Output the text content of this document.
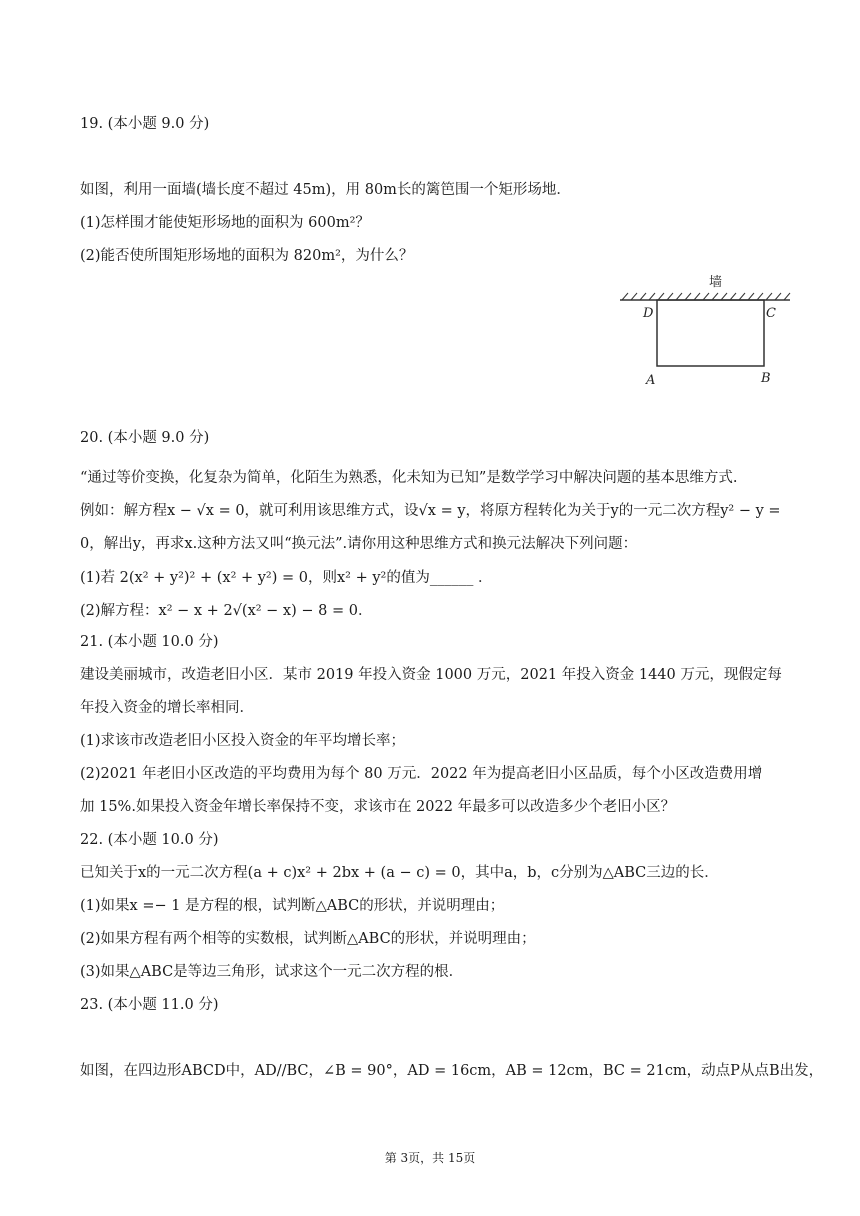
19. (本小题 9.0 分)
如图，利用一面墙(墙长度不超过 45m)，用 80m长的篱笆围一个矩形场地．
(1)怎样围才能使矩形场地的面积为 600m²？
(2)能否使所围矩形场地的面积为 820m²，为什么？
墙
D	C
A	B
20. (本小题 9.0 分)
“通过等价变换，化复杂为简单，化陌生为熟悉，化未知为已知”是数学学习中解决问题的基本思维方式.
例如：解方程x − √x = 0，就可利用该思维方式，设√x = y，将原方程转化为关于y的一元二次方程y² − y =
0，解出y，再求x.这种方法又叫“换元法”.请你用这种思维方式和换元法解决下列问题：
(1)若 2(x² + y²)² + (x² + y²) = 0，则x² + y²的值为______ ．
(2)解方程：x² − x + 2√(x² − x) − 8 = 0．
21. (本小题 10.0 分)
建设美丽城市，改造老旧小区．某市 2019 年投入资金 1000 万元，2021 年投入资金 1440 万元，现假定每
年投入资金的增长率相同．
(1)求该市改造老旧小区投入资金的年平均增长率；
(2)2021 年老旧小区改造的平均费用为每个 80 万元．2022 年为提高老旧小区品质，每个小区改造费用增
加 15%.如果投入资金年增长率保持不变，求该市在 2022 年最多可以改造多少个老旧小区？
22. (本小题 10.0 分)
已知关于x的一元二次方程(a + c)x² + 2bx + (a − c) = 0，其中a，b，c分别为△ABC三边的长．
(1)如果x =− 1 是方程的根，试判断△ABC的形状，并说明理由；
(2)如果方程有两个相等的实数根，试判断△ABC的形状，并说明理由；
(3)如果△ABC是等边三角形，试求这个一元二次方程的根．
23. (本小题 11.0 分)
如图，在四边形ABCD中，AD//BC，∠B = 90°，AD = 16cm，AB = 12cm，BC = 21cm，动点P从点B出发，
第 3页，共 15页
